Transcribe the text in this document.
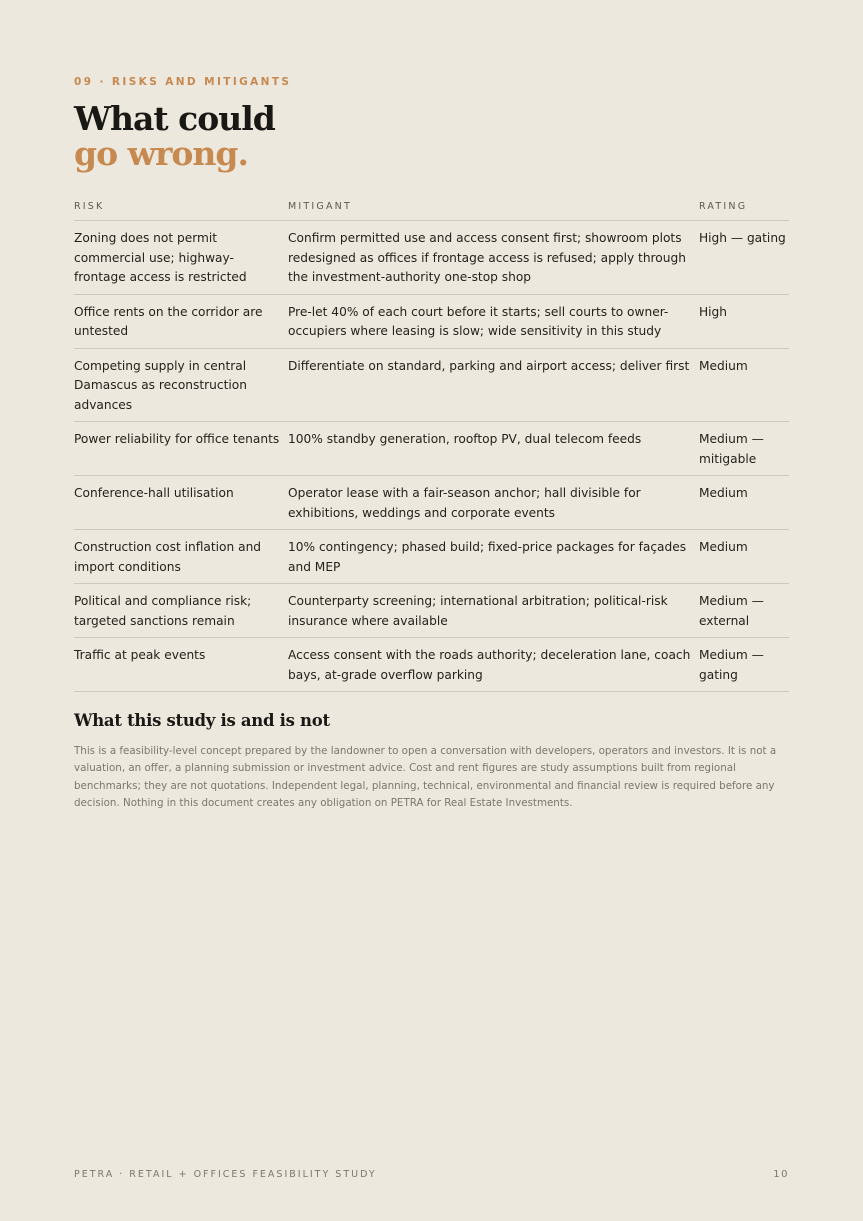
09 · RISKS AND MITIGANTS
What could
go wrong.
RISK	MITIGANT	RATING
Zoning does not permit commercial use; highway-frontage access is restricted	Confirm permitted use and access consent first; showroom plots redesigned as offices if frontage access is refused; apply through the investment-authority one-stop shop	High — gating
Office rents on the corridor are untested	Pre-let 40% of each court before it starts; sell courts to owner-occupiers where leasing is slow; wide sensitivity in this study	High
Competing supply in central Damascus as reconstruction advances	Differentiate on standard, parking and airport access; deliver first	Medium
Power reliability for office tenants	100% standby generation, rooftop PV, dual telecom feeds	Medium — mitigable
Conference-hall utilisation	Operator lease with a fair-season anchor; hall divisible for exhibitions, weddings and corporate events	Medium
Construction cost inflation and import conditions	10% contingency; phased build; fixed-price packages for façades and MEP	Medium
Political and compliance risk; targeted sanctions remain	Counterparty screening; international arbitration; political-risk insurance where available	Medium — external
Traffic at peak events	Access consent with the roads authority; deceleration lane, coach bays, at-grade overflow parking	Medium — gating
What this study is and is not

This is a feasibility-level concept prepared by the landowner to open a conversation with developers, operators and investors. It is not a valuation, an offer, a planning submission or investment advice. Cost and rent figures are study assumptions built from regional benchmarks; they are not quotations. Independent legal, planning, technical, environmental and financial review is required before any decision. Nothing in this document creates any obligation on PETRA for Real Estate Investments.

PETRA · RETAIL + OFFICES FEASIBILITY STUDY	10
